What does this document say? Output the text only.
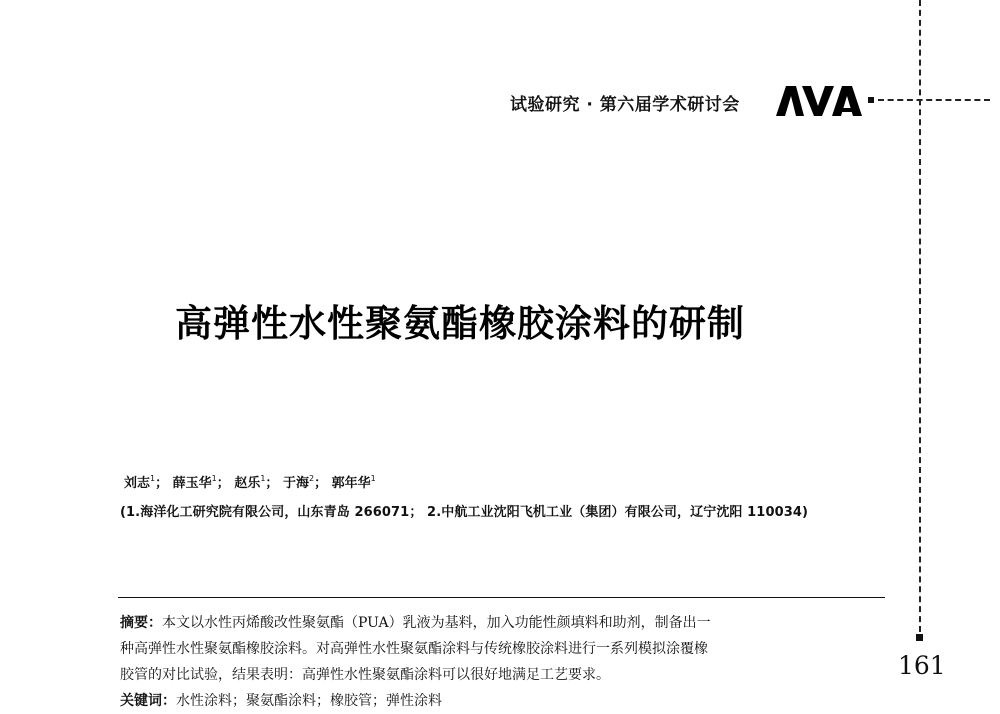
试验研究 · 第六届学术研讨会
161
高弹性水性聚氨酯橡胶涂料的研制
刘志$^1$； 薛玉华$^1$； 赵乐$^1$； 于海$^2$； 郭年华$^1$
(1.海洋化工研究院有限公司，山东青岛 266071； 2.中航工业沈阳飞机工业（集团）有限公司，辽宁沈阳 110034)
摘要：本文以水性丙烯酸改性聚氨酯（PUA）乳液为基料，加入功能性颜填料和助剂，制备出一
种高弹性水性聚氨酯橡胶涂料。对高弹性水性聚氨酯涂料与传统橡胶涂料进行一系列模拟涂覆橡
胶管的对比试验，结果表明：高弹性水性聚氨酯涂料可以很好地满足工艺要求。
关键词：水性涂料；聚氨酯涂料；橡胶管；弹性涂料
